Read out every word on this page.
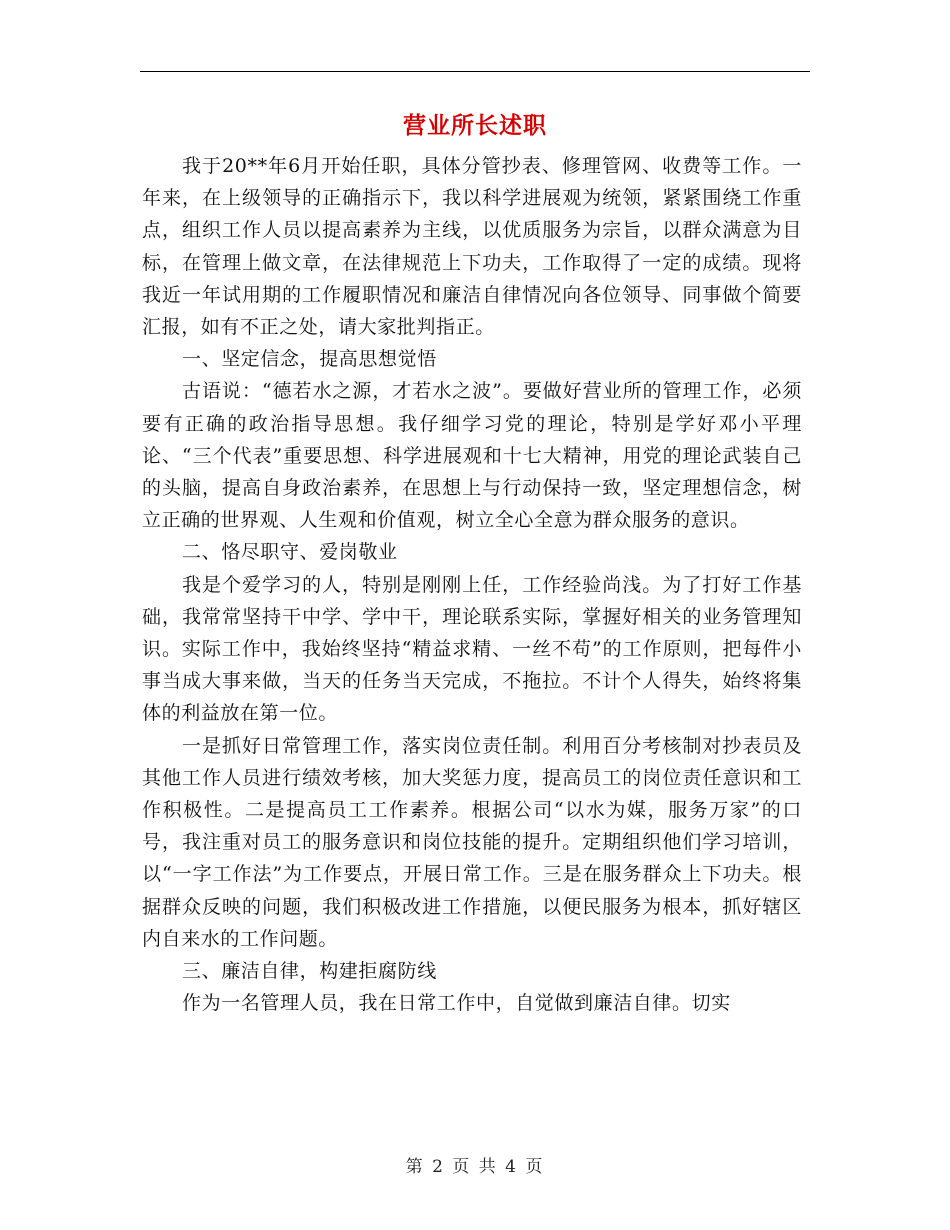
营业所长述职

我于20**年6月开始任职，具体分管抄表、修理管网、收费等工作。一年来，在上级领导的正确指示下，我以科学进展观为统领，紧紧围绕工作重点，组织工作人员以提高素养为主线，以优质服务为宗旨，以群众满意为目标，在管理上做文章，在法律规范上下功夫，工作取得了一定的成绩。现将我近一年试用期的工作履职情况和廉洁自律情况向各位领导、同事做个简要汇报，如有不正之处，请大家批判指正。

一、坚定信念，提高思想觉悟

古语说：“德若水之源，才若水之波”。要做好营业所的管理工作，必须要有正确的政治指导思想。我仔细学习党的理论，特别是学好邓小平理论、“三个代表”重要思想、科学进展观和十七大精神，用党的理论武装自己的头脑，提高自身政治素养，在思想上与行动保持一致，坚定理想信念，树立正确的世界观、人生观和价值观，树立全心全意为群众服务的意识。

二、恪尽职守、爱岗敬业

我是个爱学习的人，特别是刚刚上任，工作经验尚浅。为了打好工作基础，我常常坚持干中学、学中干，理论联系实际，掌握好相关的业务管理知识。实际工作中，我始终坚持“精益求精、一丝不苟”的工作原则，把每件小事当成大事来做，当天的任务当天完成，不拖拉。不计个人得失，始终将集体的利益放在第一位。

一是抓好日常管理工作，落实岗位责任制。利用百分考核制对抄表员及其他工作人员进行绩效考核，加大奖惩力度，提高员工的岗位责任意识和工作积极性。二是提高员工工作素养。根据公司“以水为媒，服务万家”的口号，我注重对员工的服务意识和岗位技能的提升。定期组织他们学习培训，以“一字工作法”为工作要点，开展日常工作。三是在服务群众上下功夫。根据群众反映的问题，我们积极改进工作措施，以便民服务为根本，抓好辖区内自来水的工作问题。

三、廉洁自律，构建拒腐防线

作为一名管理人员，我在日常工作中，自觉做到廉洁自律。切实

第 2 页 共 4 页
